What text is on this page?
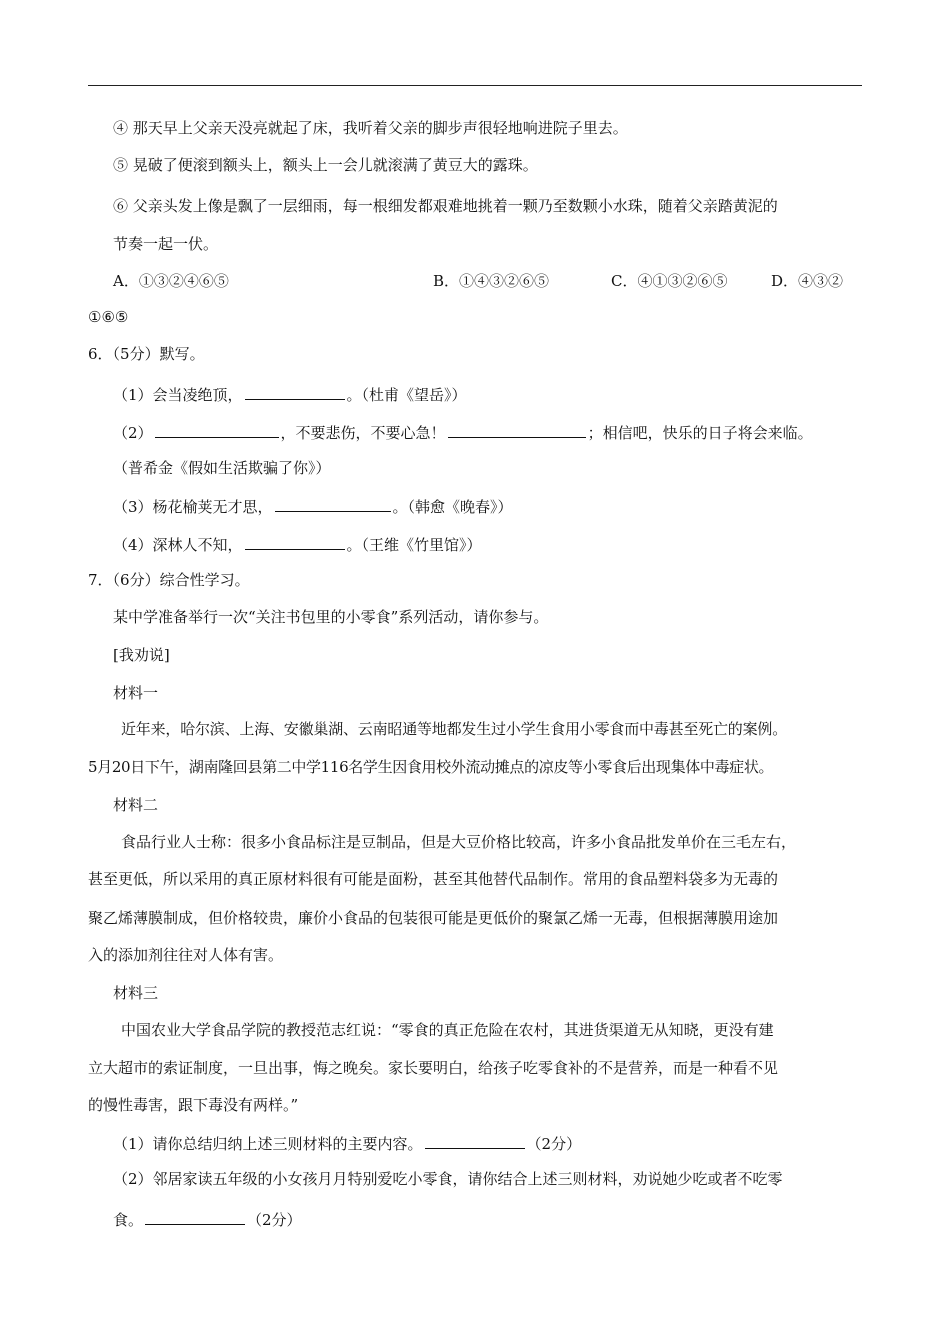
④ 那天早上父亲天没亮就起了床，我听着父亲的脚步声很轻地响进院子里去。
⑤ 晃破了便滚到额头上，额头上一会儿就滚满了黄豆大的露珠。
⑥ 父亲头发上像是飘了一层细雨，每一根细发都艰难地挑着一颗乃至数颗小水珠，随着父亲踏黄泥的
节奏一起一伏。
A．①③②④⑥⑤	B．①④③②⑥⑤	C．④①③②⑥⑤	D．④③②
①⑥⑤
6．（5分）默写。
（1）会当凌绝顶，	。（杜甫《望岳》）
（2）	，不要悲伤，不要心急！	；相信吧，快乐的日子将会来临。
（普希金《假如生活欺骗了你》）
（3）杨花榆荚无才思，	。（韩愈《晚春》）
（4）深林人不知，	。（王维《竹里馆》）
7．（6分）综合性学习。
某中学准备举行一次“关注书包里的小零食”系列活动，请你参与。
[我劝说]
材料一
近年来，哈尔滨、上海、安徽巢湖、云南昭通等地都发生过小学生食用小零食而中毒甚至死亡的案例。
5月20日下午，湖南隆回县第二中学116名学生因食用校外流动摊点的凉皮等小零食后出现集体中毒症状。
材料二
食品行业人士称：很多小食品标注是豆制品，但是大豆价格比较高，许多小食品批发单价在三毛左右，
甚至更低，所以采用的真正原材料很有可能是面粉，甚至其他替代品制作。常用的食品塑料袋多为无毒的
聚乙烯薄膜制成，但价格较贵，廉价小食品的包装很可能是更低价的聚氯乙烯一无毒，但根据薄膜用途加
入的添加剂往往对人体有害。
材料三
中国农业大学食品学院的教授范志红说：“零食的真正危险在农村，其进货渠道无从知晓，更没有建
立大超市的索证制度，一旦出事，悔之晚矣。家长要明白，给孩子吃零食补的不是营养，而是一种看不见
的慢性毒害，跟下毒没有两样。”
（1）请你总结归纳上述三则材料的主要内容。	（2分）
（2）邻居家读五年级的小女孩月月特别爱吃小零食，请你结合上述三则材料，劝说她少吃或者不吃零
食。	（2分）
